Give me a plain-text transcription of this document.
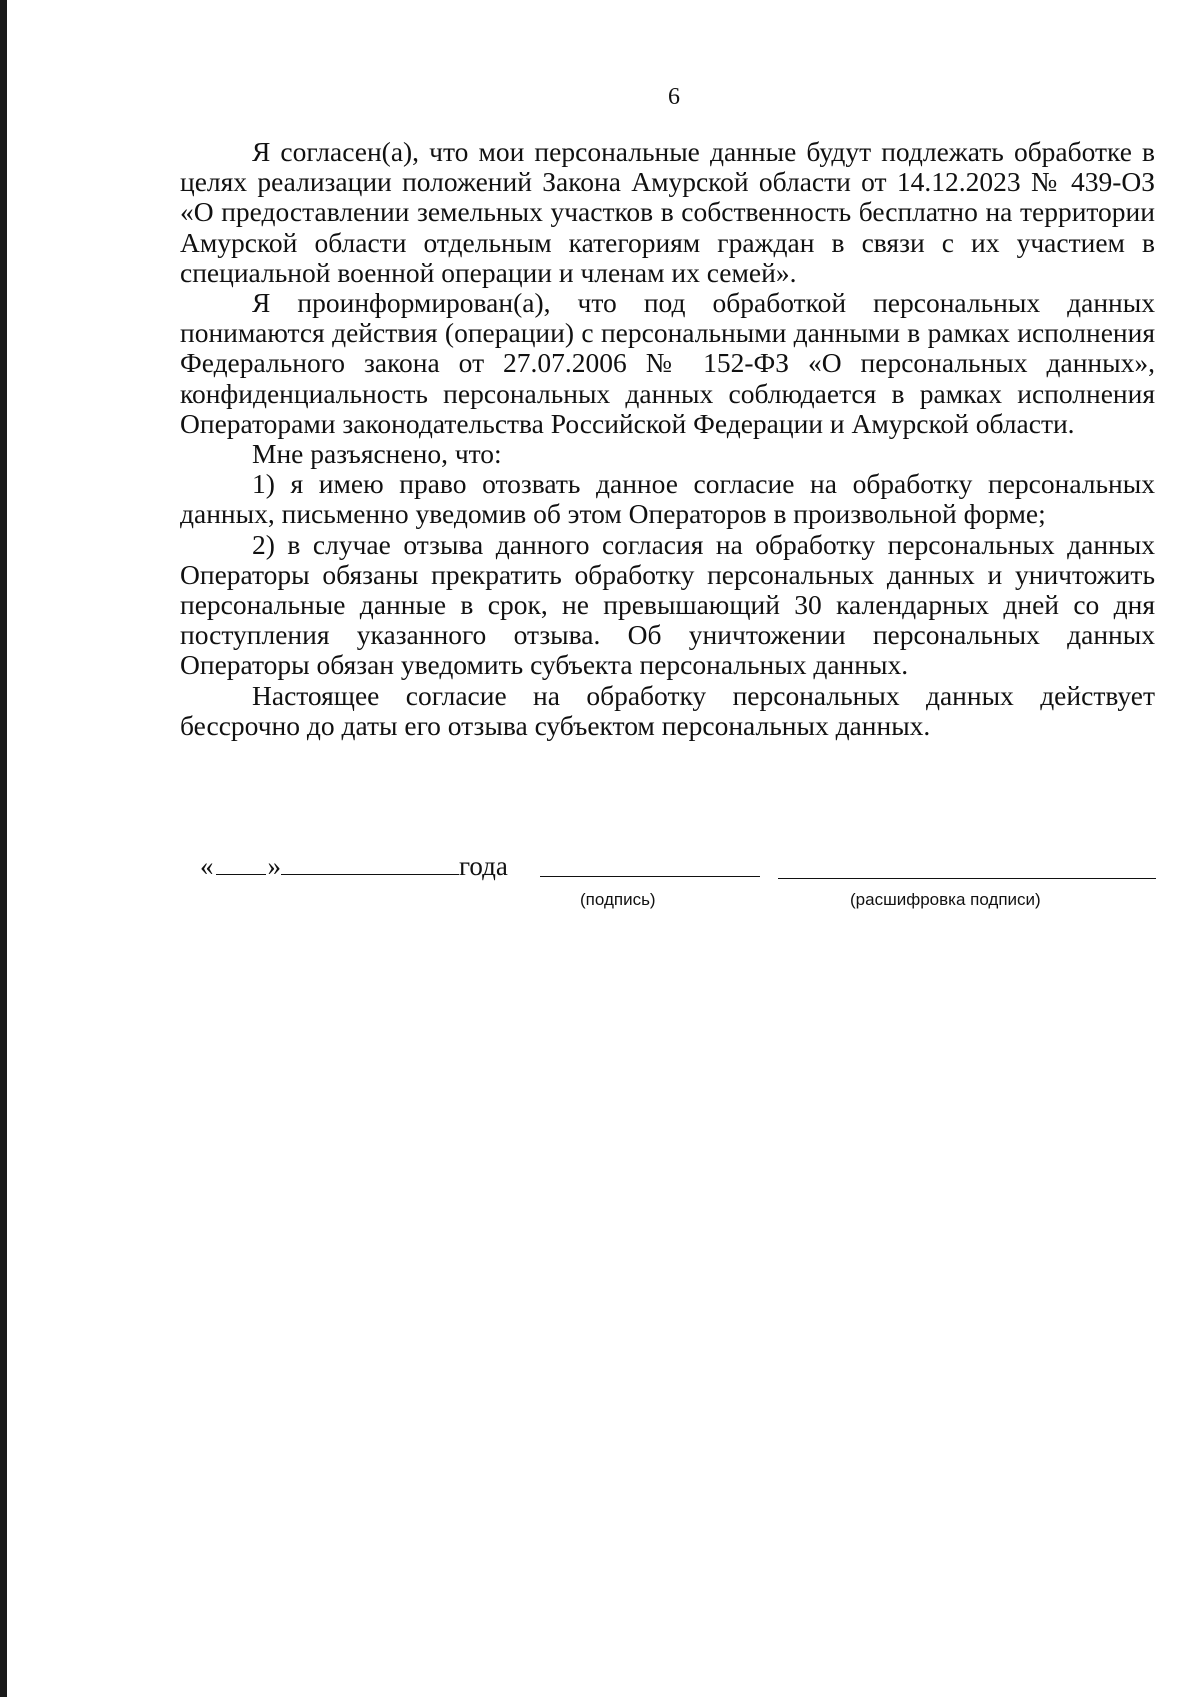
6

Я согласен(а), что мои персональные данные будут подлежать обработке в целях реализации положений Закона Амурской области от 14.12.2023 № 439-ОЗ «О предоставлении земельных участков в собственность бесплатно на территории Амурской области отдельным категориям граждан в связи с их участием в специальной военной операции и членам их семей».

Я проинформирован(а), что под обработкой персональных данных понимаются действия (операции) с персональными данными в рамках исполнения Федерального закона от 27.07.2006 № 152-ФЗ «О персональных данных», конфиденциальность персональных данных соблюдается в рамках исполнения Операторами законодательства Российской Федерации и Амурской области.

Мне разъяснено, что:

1) я имею право отозвать данное согласие на обработку персональных данных, письменно уведомив об этом Операторов в произвольной форме;

2) в случае отзыва данного согласия на обработку персональных данных Операторы обязаны прекратить обработку персональных данных и уничтожить персональные данные в срок, не превышающий 30 календарных дней со дня поступления указанного отзыва. Об уничтожении персональных данных Операторы обязан уведомить субъекта персональных данных.

Настоящее согласие на обработку персональных данных действует бессрочно до даты его отзыва субъектом персональных данных.

« »	года
(подпись)	(расшифровка подписи)
